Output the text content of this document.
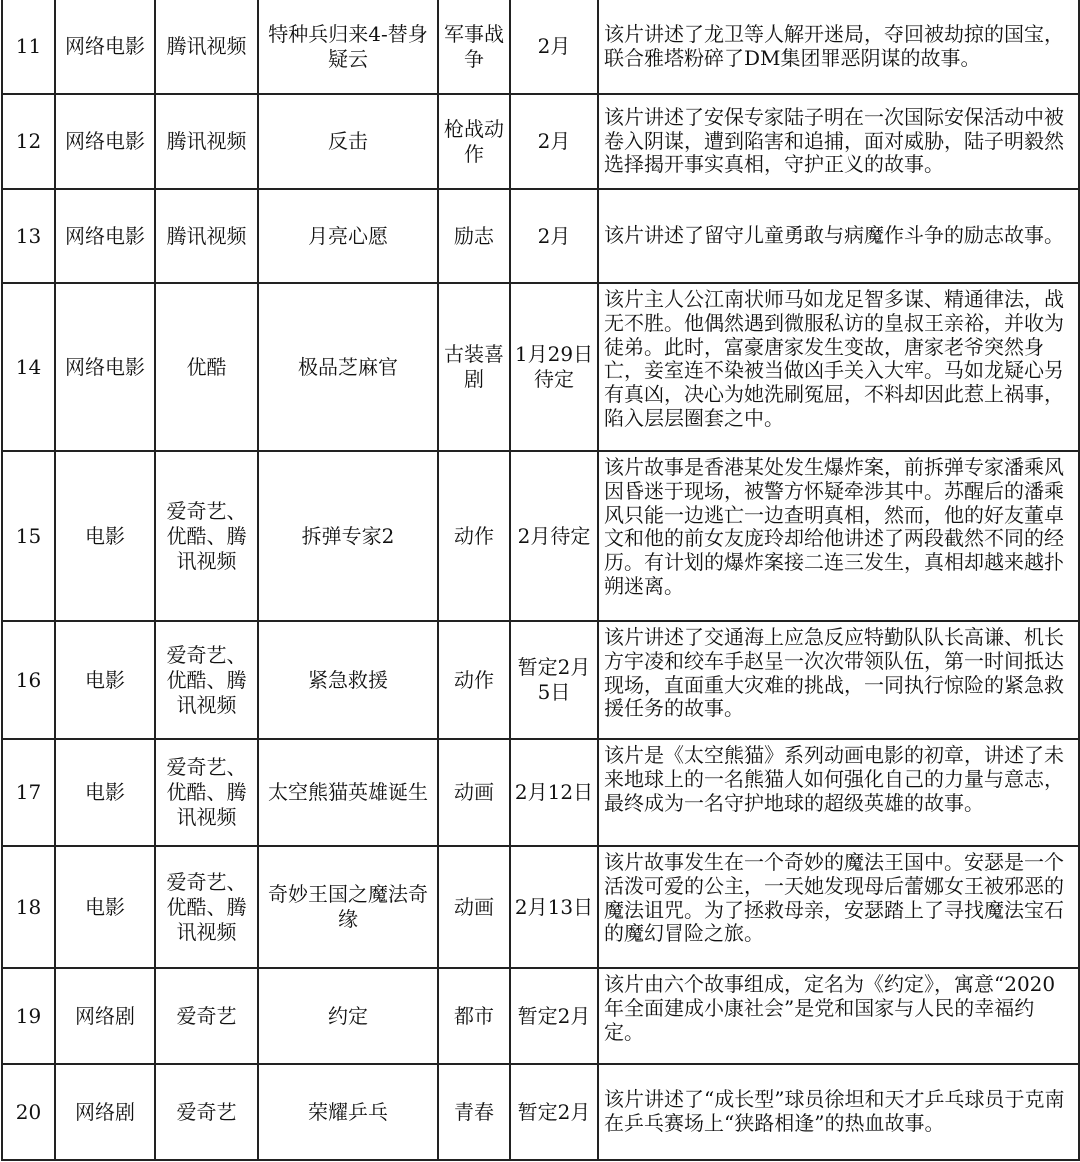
11	网络电影	腾讯视频	特种兵归来4-替身疑云	军事战争	2月	该片讲述了龙卫等人解开迷局，夺回被劫掠的国宝，联合雅塔粉碎了DM集团罪恶阴谋的故事。
12	网络电影	腾讯视频	反击	枪战动作	2月	该片讲述了安保专家陆子明在一次国际安保活动中被卷入阴谋，遭到陷害和追捕，面对威胁，陆子明毅然选择揭开事实真相，守护正义的故事。
13	网络电影	腾讯视频	月亮心愿	励志	2月	该片讲述了留守儿童勇敢与病魔作斗争的励志故事。
14	网络电影	优酷	极品芝麻官	古装喜剧	1月29日待定	该片主人公江南状师马如龙足智多谋、精通律法，战无不胜。他偶然遇到微服私访的皇叔王亲裕，并收为徒弟。此时，富豪唐家发生变故，唐家老爷突然身亡，妾室连不染被当做凶手关入大牢。马如龙疑心另有真凶，决心为她洗刷冤屈，不料却因此惹上祸事，陷入层层圈套之中。
15	电影	爱奇艺、优酷、腾讯视频	拆弹专家2	动作	2月待定	该片故事是香港某处发生爆炸案，前拆弹专家潘乘风因昏迷于现场，被警方怀疑牵涉其中。苏醒后的潘乘风只能一边逃亡一边查明真相，然而，他的好友董卓文和他的前女友庞玲却给他讲述了两段截然不同的经历。有计划的爆炸案接二连三发生，真相却越来越扑朔迷离。
16	电影	爱奇艺、优酷、腾讯视频	紧急救援	动作	暂定2月5日	该片讲述了交通海上应急反应特勤队队长高谦、机长方宇凌和绞车手赵呈一次次带领队伍，第一时间抵达现场，直面重大灾难的挑战，一同执行惊险的紧急救援任务的故事。
17	电影	爱奇艺、优酷、腾讯视频	太空熊猫英雄诞生	动画	2月12日	该片是《太空熊猫》系列动画电影的初章，讲述了未来地球上的一名熊猫人如何强化自己的力量与意志，最终成为一名守护地球的超级英雄的故事。
18	电影	爱奇艺、优酷、腾讯视频	奇妙王国之魔法奇缘	动画	2月13日	该片故事发生在一个奇妙的魔法王国中。安瑟是一个活泼可爱的公主，一天她发现母后蕾娜女王被邪恶的魔法诅咒。为了拯救母亲，安瑟踏上了寻找魔法宝石的魔幻冒险之旅。
19	网络剧	爱奇艺	约定	都市	暂定2月	该片由六个故事组成，定名为《约定》，寓意“2020年全面建成小康社会”是党和国家与人民的幸福约定。
20	网络剧	爱奇艺	荣耀乒乓	青春	暂定2月	该片讲述了“成长型”球员徐坦和天才乒乓球员于克南在乒乓赛场上“狭路相逢”的热血故事。
